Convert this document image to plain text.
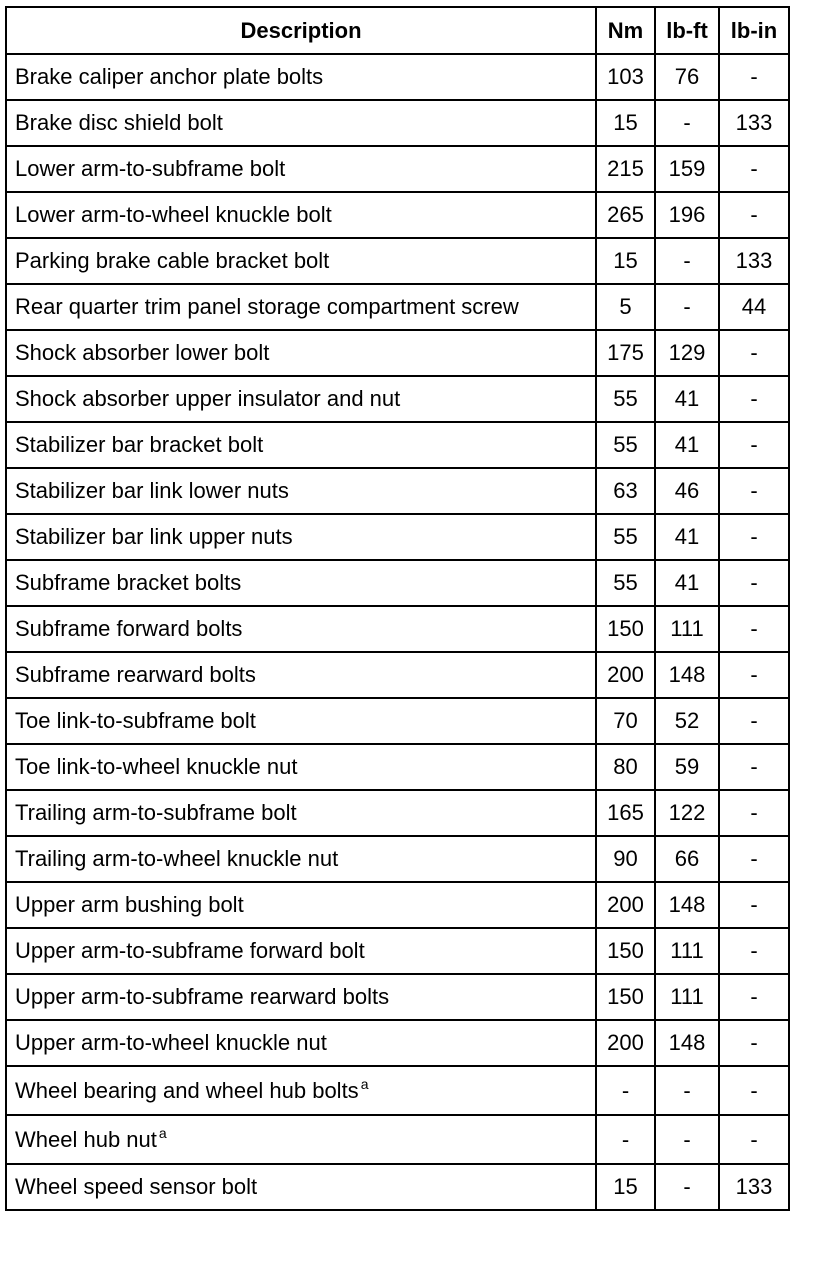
Description	Nm	lb-ft	lb-in
Brake caliper anchor plate bolts	103	76	-
Brake disc shield bolt	15	-	133
Lower arm-to-subframe bolt	215	159	-
Lower arm-to-wheel knuckle bolt	265	196	-
Parking brake cable bracket bolt	15	-	133
Rear quarter trim panel storage compartment screw	5	-	44
Shock absorber lower bolt	175	129	-
Shock absorber upper insulator and nut	55	41	-
Stabilizer bar bracket bolt	55	41	-
Stabilizer bar link lower nuts	63	46	-
Stabilizer bar link upper nuts	55	41	-
Subframe bracket bolts	55	41	-
Subframe forward bolts	150	111	-
Subframe rearward bolts	200	148	-
Toe link-to-subframe bolt	70	52	-
Toe link-to-wheel knuckle nut	80	59	-
Trailing arm-to-subframe bolt	165	122	-
Trailing arm-to-wheel knuckle nut	90	66	-
Upper arm bushing bolt	200	148	-
Upper arm-to-subframe forward bolt	150	111	-
Upper arm-to-subframe rearward bolts	150	111	-
Upper arm-to-wheel knuckle nut	200	148	-
Wheel bearing and wheel hub bolts $^a$	-	-	-
Wheel hub nut $^a$	-	-	-
Wheel speed sensor bolt	15	-	133
